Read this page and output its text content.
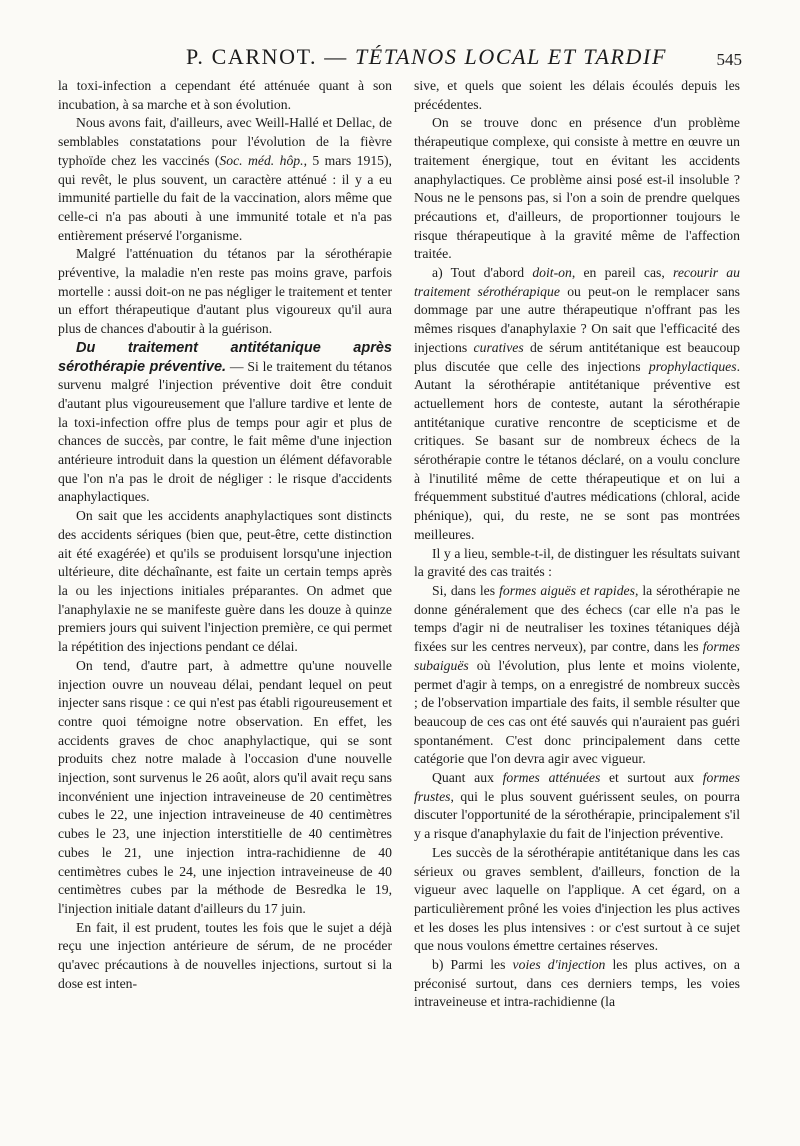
P. CARNOT. — TÉTANOS LOCAL ET TARDIF	545

la toxi-infection a cependant été atténuée quant à son incubation, à sa marche et à son évolution.

Nous avons fait, d'ailleurs, avec Weill-Hallé et Dellac, de semblables constatations pour l'évolution de la fièvre typhoïde chez les vaccinés (Soc. méd. hôp., 5 mars 1915), qui revêt, le plus souvent, un caractère atténué : il y a eu immunité partielle du fait de la vaccination, alors même que celle-ci n'a pas abouti à une immunité totale et n'a pas entièrement préservé l'organisme.

Malgré l'atténuation du tétanos par la sérothérapie préventive, la maladie n'en reste pas moins grave, parfois mortelle : aussi doit-on ne pas négliger le traitement et tenter un effort thérapeutique d'autant plus vigoureux qu'il aura plus de chances d'aboutir à la guérison.

Du traitement antitétanique après sérothérapie préventive. — Si le traitement du tétanos survenu malgré l'injection préventive doit être conduit d'autant plus vigoureusement que l'allure tardive et lente de la toxi-infection offre plus de temps pour agir et plus de chances de succès, par contre, le fait même d'une injection antérieure introduit dans la question un élément défavorable que l'on n'a pas le droit de négliger : le risque d'accidents anaphylactiques.

On sait que les accidents anaphylactiques sont distincts des accidents sériques (bien que, peut-être, cette distinction ait été exagérée) et qu'ils se produisent lorsqu'une injection ultérieure, dite déchaînante, est faite un certain temps après la ou les injections initiales préparantes. On admet que l'anaphylaxie ne se manifeste guère dans les douze à quinze premiers jours qui suivent l'injection première, ce qui permet la répétition des injections pendant ce délai.

On tend, d'autre part, à admettre qu'une nouvelle injection ouvre un nouveau délai, pendant lequel on peut injecter sans risque : ce qui n'est pas établi rigoureusement et contre quoi témoigne notre observation. En effet, les accidents graves de choc anaphylactique, qui se sont produits chez notre malade à l'occasion d'une nouvelle injection, sont survenus le 26 août, alors qu'il avait reçu sans inconvénient une injection intraveineuse de 20 centimètres cubes le 22, une injection intraveineuse de 40 centimètres cubes le 23, une injection interstitielle de 40 centimètres cubes le 21, une injection intra-rachidienne de 40 centimètres cubes le 24, une injection intraveineuse de 40 centimètres cubes par la méthode de Besredka le 19, l'injection initiale datant d'ailleurs du 17 juin.

En fait, il est prudent, toutes les fois que le sujet a déjà reçu une injection antérieure de sérum, de ne procéder qu'avec précautions à de nouvelles injections, surtout si la dose est inten-

sive, et quels que soient les délais écoulés depuis les précédentes.

On se trouve donc en présence d'un problème thérapeutique complexe, qui consiste à mettre en œuvre un traitement énergique, tout en évitant les accidents anaphylactiques. Ce problème ainsi posé est-il insoluble ? Nous ne le pensons pas, si l'on a soin de prendre quelques précautions et, d'ailleurs, de proportionner toujours le risque thérapeutique à la gravité même de l'affection traitée.

a) Tout d'abord doit-on, en pareil cas, recourir au traitement sérothérapique ou peut-on le remplacer sans dommage par une autre thérapeutique n'offrant pas les mêmes risques d'anaphylaxie ? On sait que l'efficacité des injections curatives de sérum antitétanique est beaucoup plus discutée que celle des injections prophylactiques. Autant la sérothérapie antitétanique préventive est actuellement hors de conteste, autant la sérothérapie antitétanique curative rencontre de scepticisme et de critiques. Se basant sur de nombreux échecs de la sérothérapie contre le tétanos déclaré, on a voulu conclure à l'inutilité même de cette thérapeutique et on lui a fréquemment substitué d'autres médications (chloral, acide phénique), qui, du reste, ne se sont pas montrées meilleures.

Il y a lieu, semble-t-il, de distinguer les résultats suivant la gravité des cas traités :

Si, dans les formes aiguës et rapides, la sérothérapie ne donne généralement que des échecs (car elle n'a pas le temps d'agir ni de neutraliser les toxines tétaniques déjà fixées sur les centres nerveux), par contre, dans les formes subaiguës où l'évolution, plus lente et moins violente, permet d'agir à temps, on a enregistré de nombreux succès ; de l'observation impartiale des faits, il semble résulter que beaucoup de ces cas ont été sauvés qui n'auraient pas guéri spontanément. C'est donc principalement dans cette catégorie que l'on devra agir avec vigueur.

Quant aux formes atténuées et surtout aux formes frustes, qui le plus souvent guérissent seules, on pourra discuter l'opportunité de la sérothérapie, principalement s'il y a risque d'anaphylaxie du fait de l'injection préventive.

Les succès de la sérothérapie antitétanique dans les cas sérieux ou graves semblent, d'ailleurs, fonction de la vigueur avec laquelle on l'applique. A cet égard, on a particulièrement prôné les voies d'injection les plus actives et les doses les plus intensives : or c'est surtout à ce sujet que nous voulons émettre certaines réserves.

b) Parmi les voies d'injection les plus actives, on a préconisé surtout, dans ces derniers temps, les voies intraveineuse et intra-rachidienne (la
